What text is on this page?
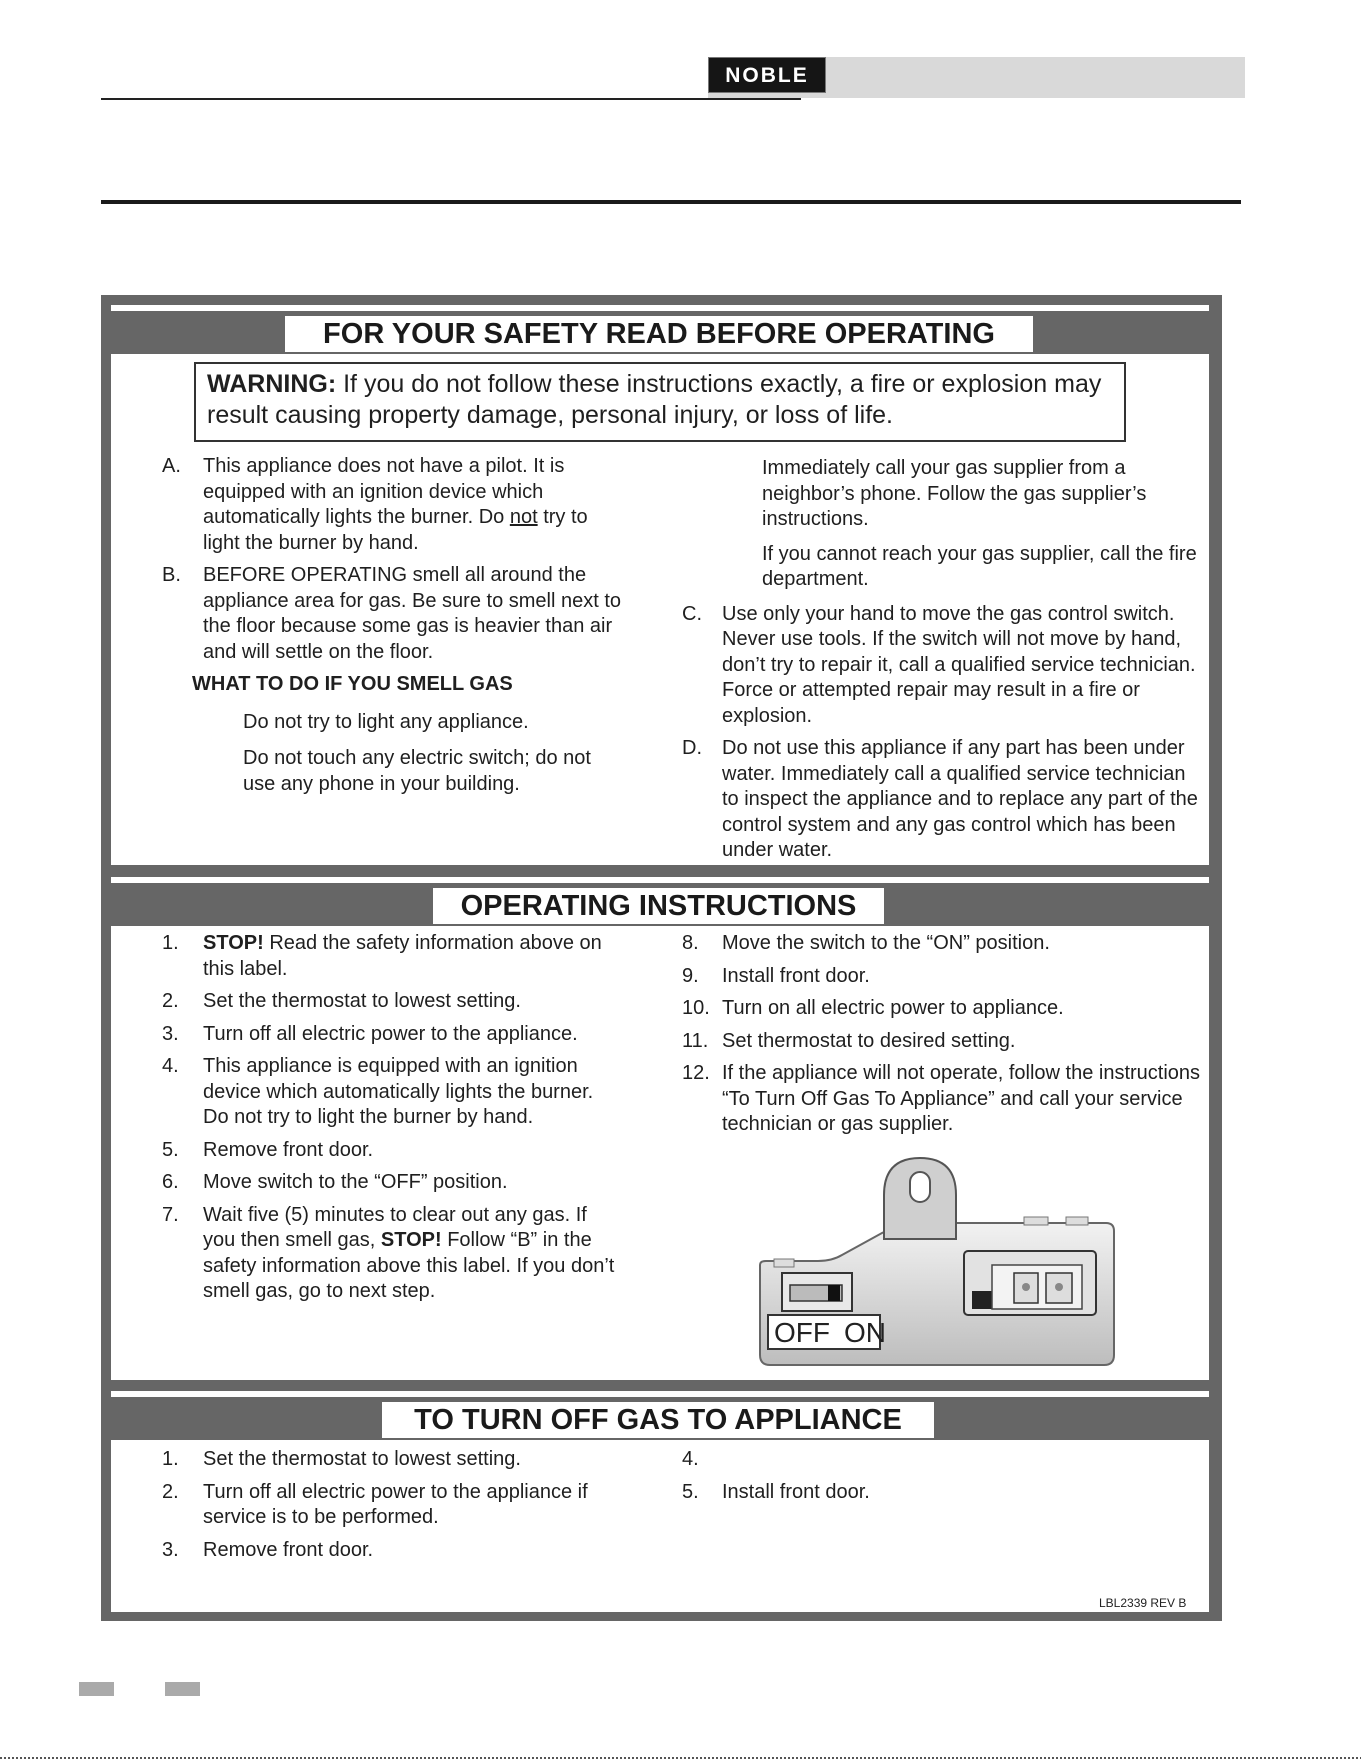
NOBLE
FOR YOUR SAFETY READ BEFORE OPERATING
OPERATING INSTRUCTIONS
TO TURN OFF GAS TO APPLIANCE
WARNING: If you do not follow these instructions exactly, a fire or explosion may result causing property damage, personal injury, or loss of life.
A.	This appliance does not have a pilot. It is equipped with an ignition device which automatically lights the burner. Do not try to light the burner by hand.
B.	BEFORE OPERATING smell all around the appliance area for gas. Be sure to smell next to the floor because some gas is heavier than air and will settle on the floor.
WHAT TO DO IF YOU SMELL GAS
Do not try to light any appliance.
Do not touch any electric switch; do not use any phone in your building.
Immediately call your gas supplier from a neighbor’s phone. Follow the gas supplier’s instructions.
If you cannot reach your gas supplier, call the fire department.
C.	Use only your hand to move the gas control switch. Never use tools. If the switch will not move by hand, don’t try to repair it, call a qualified service technician. Force or attempted repair may result in a fire or explosion.
D.	Do not use this appliance if any part has been under water. Immediately call a qualified service technician to inspect the appliance and to replace any part of the control system and any gas control which has been under water.
1.	STOP! Read the safety information above on this label.
2.	Set the thermostat to lowest setting.
3.	Turn off all electric power to the appliance.
4.	This appliance is equipped with an ignition device which automatically lights the burner. Do not try to light the burner by hand.
5.	Remove front door.
6.	Move switch to the “OFF” position.
7.	Wait five (5) minutes to clear out any gas. If you then smell gas, STOP! Follow “B” in the safety information above this label. If you don’t smell gas, go to next step.
8.	Move the switch to the “ON” position.
9.	Install front door.
10. Turn on all electric power to appliance.
11. Set thermostat to desired setting.
12. If the appliance will not operate, follow the instructions “To Turn Off Gas To Appliance” and call your service technician or gas supplier.
OFF ON
1.	Set the thermostat to lowest setting.
2.	Turn off all electric power to the appliance if service is to be performed.
3.	Remove front door.
4.
5.	Install front door.
LBL2339 REV B
